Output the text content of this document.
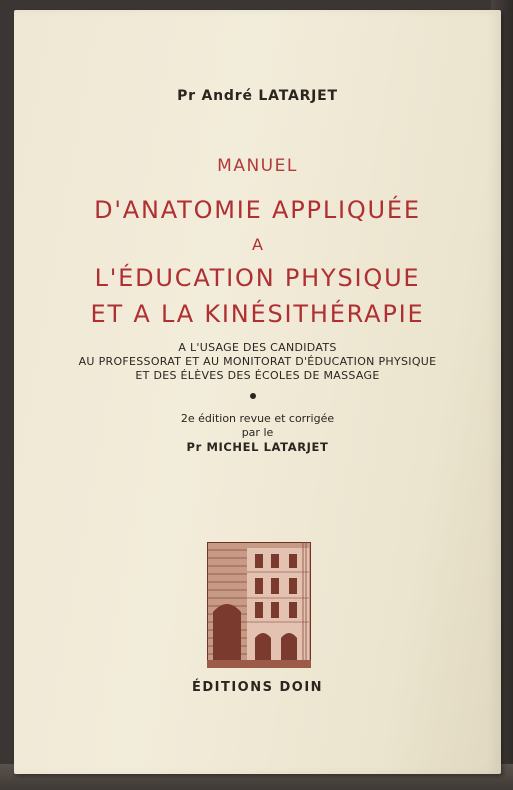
Pr André LATARJET
MANUEL
D'ANATOMIE APPLIQUÉE
A
L'ÉDUCATION PHYSIQUE
ET A LA KINÉSITHÉRAPIE
A L'USAGE DES CANDIDATS
AU PROFESSORAT ET AU MONITORAT D'ÉDUCATION PHYSIQUE
ET DES ÉLÈVES DES ÉCOLES DE MASSAGE
2e édition revue et corrigée
par le
Pr MICHEL LATARJET
ÉDITIONS DOIN
